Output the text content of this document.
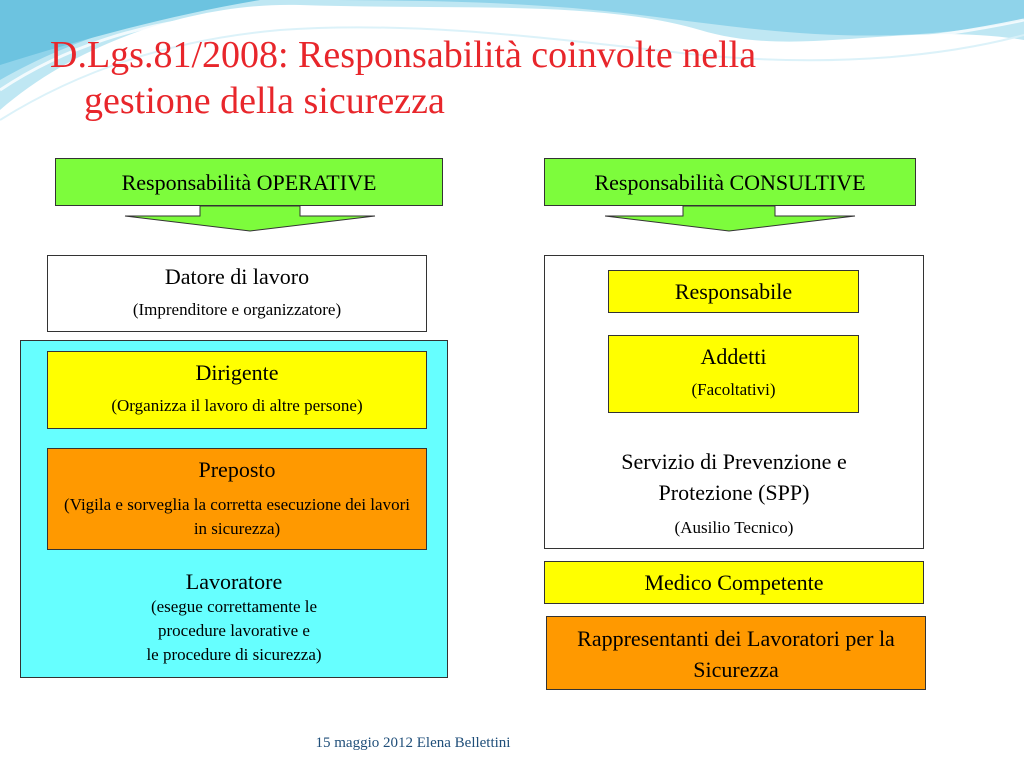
D.Lgs.81/2008: Responsabilità coinvolte nella
gestione della sicurezza
Responsabilità OPERATIVE
Datore di lavoro
(Imprenditore e organizzatore)
Lavoratore
(esegue correttamente le
procedure lavorative e
le procedure di sicurezza)
Dirigente
(Organizza il lavoro di altre persone)
Preposto
(Vigila e sorveglia la corretta esecuzione dei lavori in sicurezza)
Responsabilità CONSULTIVE
Servizio di Prevenzione e Protezione (SPP)
(Ausilio Tecnico)
Responsabile
Addetti
(Facoltativi)
Medico Competente
Rappresentanti dei Lavoratori per la Sicurezza
15 maggio 2012 Elena Bellettini
